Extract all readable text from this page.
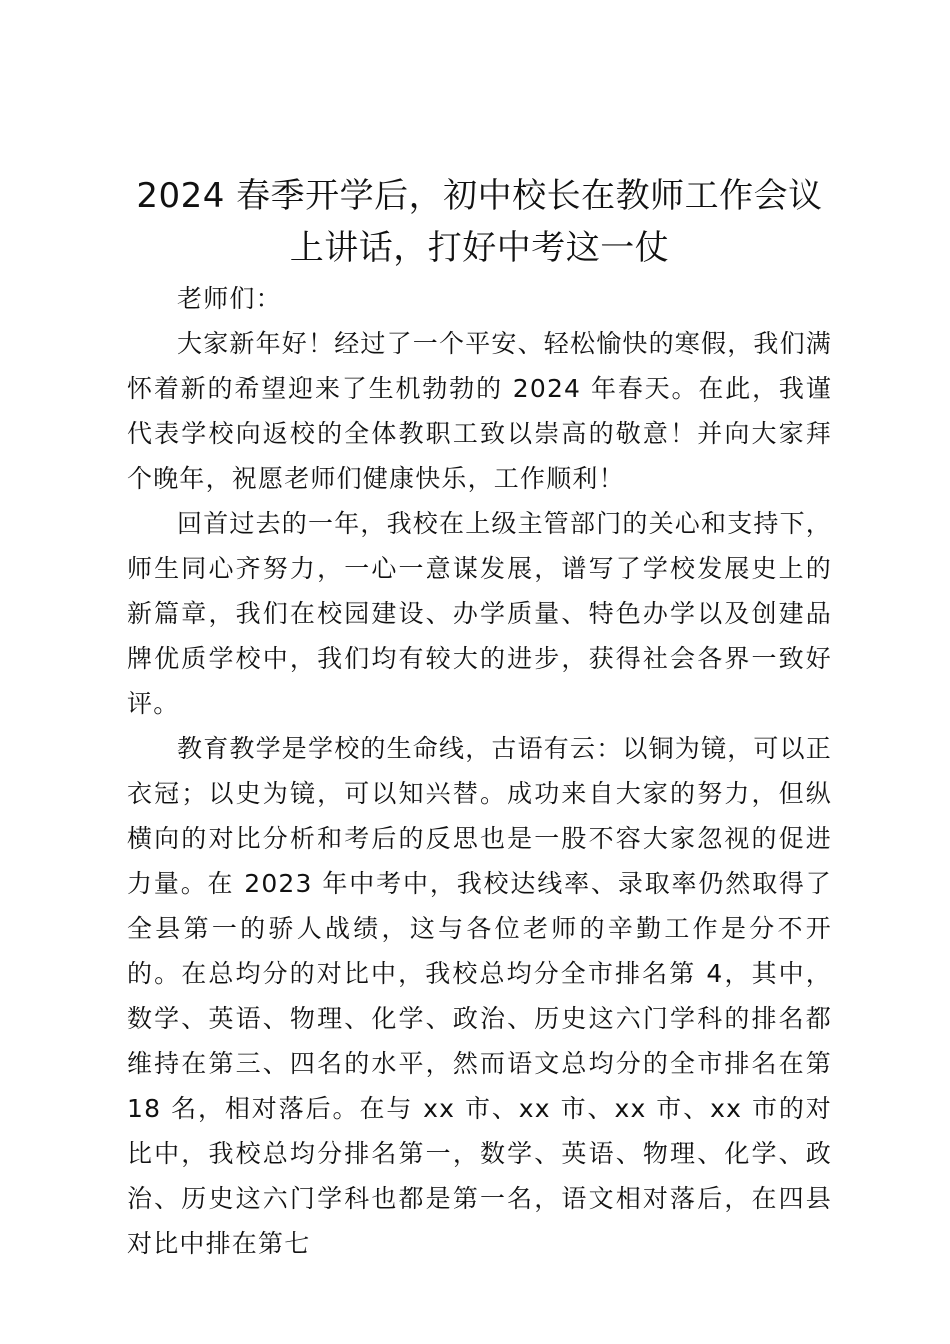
2024 春季开学后，初中校长在教师工作会议上讲话，打好中考这一仗

老师们：

大家新年好！经过了一个平安、轻松愉快的寒假，我们满怀着新的希望迎来了生机勃勃的 2024 年春天。在此，我谨代表学校向返校的全体教职工致以崇高的敬意！并向大家拜个晚年，祝愿老师们健康快乐，工作顺利！

回首过去的一年，我校在上级主管部门的关心和支持下，师生同心齐努力，一心一意谋发展，谱写了学校发展史上的新篇章，我们在校园建设、办学质量、特色办学以及创建品牌优质学校中，我们均有较大的进步，获得社会各界一致好评。

教育教学是学校的生命线，古语有云：以铜为镜，可以正衣冠；以史为镜，可以知兴替。成功来自大家的努力，但纵横向的对比分析和考后的反思也是一股不容大家忽视的促进力量。在 2023 年中考中，我校达线率、录取率仍然取得了全县第一的骄人战绩，这与各位老师的辛勤工作是分不开的。在总均分的对比中，我校总均分全市排名第 4，其中，数学、英语、物理、化学、政治、历史这六门学科的排名都维持在第三、四名的水平，然而语文总均分的全市排名在第 18 名，相对落后。在与 xx 市、xx 市、xx 市、xx 市的对比中，我校总均分排名第一，数学、英语、物理、化学、政治、历史这六门学科也都是第一名，语文相对落后，在四县对比中排在第七
